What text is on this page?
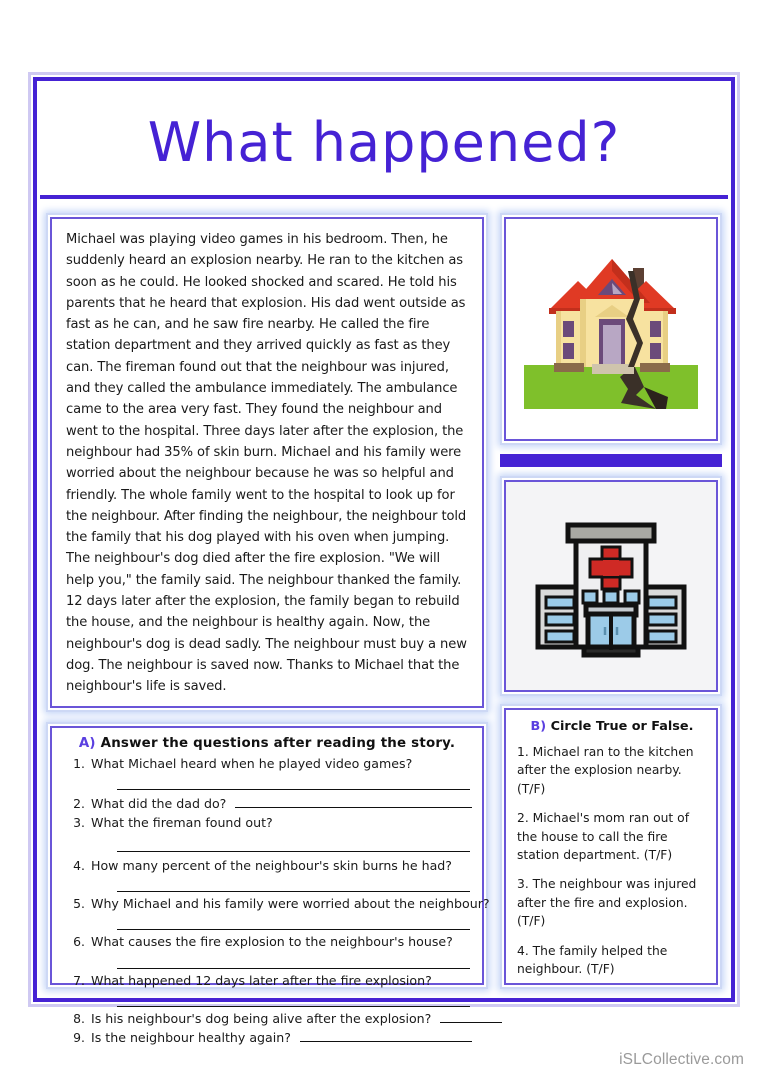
What happened?

Michael was playing video games in his bedroom. Then, he suddenly heard an explosion nearby. He ran to the kitchen as soon as he could. He looked shocked and scared. He told his parents that he heard that explosion. His dad went outside as fast as he can, and he saw fire nearby. He called the fire station department and they arrived quickly as fast as they can. The fireman found out that the neighbour was injured, and they called the ambulance immediately. The ambulance came to the area very fast. They found the neighbour and went to the hospital. Three days later after the explosion, the neighbour had 35% of skin burn. Michael and his family were worried about the neighbour because he was so helpful and friendly. The whole family went to the hospital to look up for the neighbour. After finding the neighbour, the neighbour told the family that his dog played with his oven when jumping. The neighbour's dog died after the fire explosion. "We will help you," the family said. The neighbour thanked the family. 12 days later after the explosion, the family began to rebuild the house, and the neighbour is healthy again. Now, the neighbour's dog is dead sadly. The neighbour must buy a new dog. The neighbour is saved now. Thanks to Michael that the neighbour's life is saved.

A) Answer the questions after reading the story.
1. What Michael heard when he played video games?
2. What did the dad do?
3. What the fireman found out?
4. How many percent of the neighbour's skin burns he had?
5. Why Michael and his family were worried about the neighbour?
6. What causes the fire explosion to the neighbour's house?
7. What happened 12 days later after the fire explosion?
8. Is his neighbour's dog being alive after the explosion?
9. Is the neighbour healthy again?
B) Circle True or False.
1. Michael ran to the kitchen after the explosion nearby. (T/F)
2. Michael's mom ran out of the house to call the fire station department. (T/F)
3. The neighbour was injured after the fire and explosion. (T/F)
4. The family helped the neighbour. (T/F)
iSLCollective.com
